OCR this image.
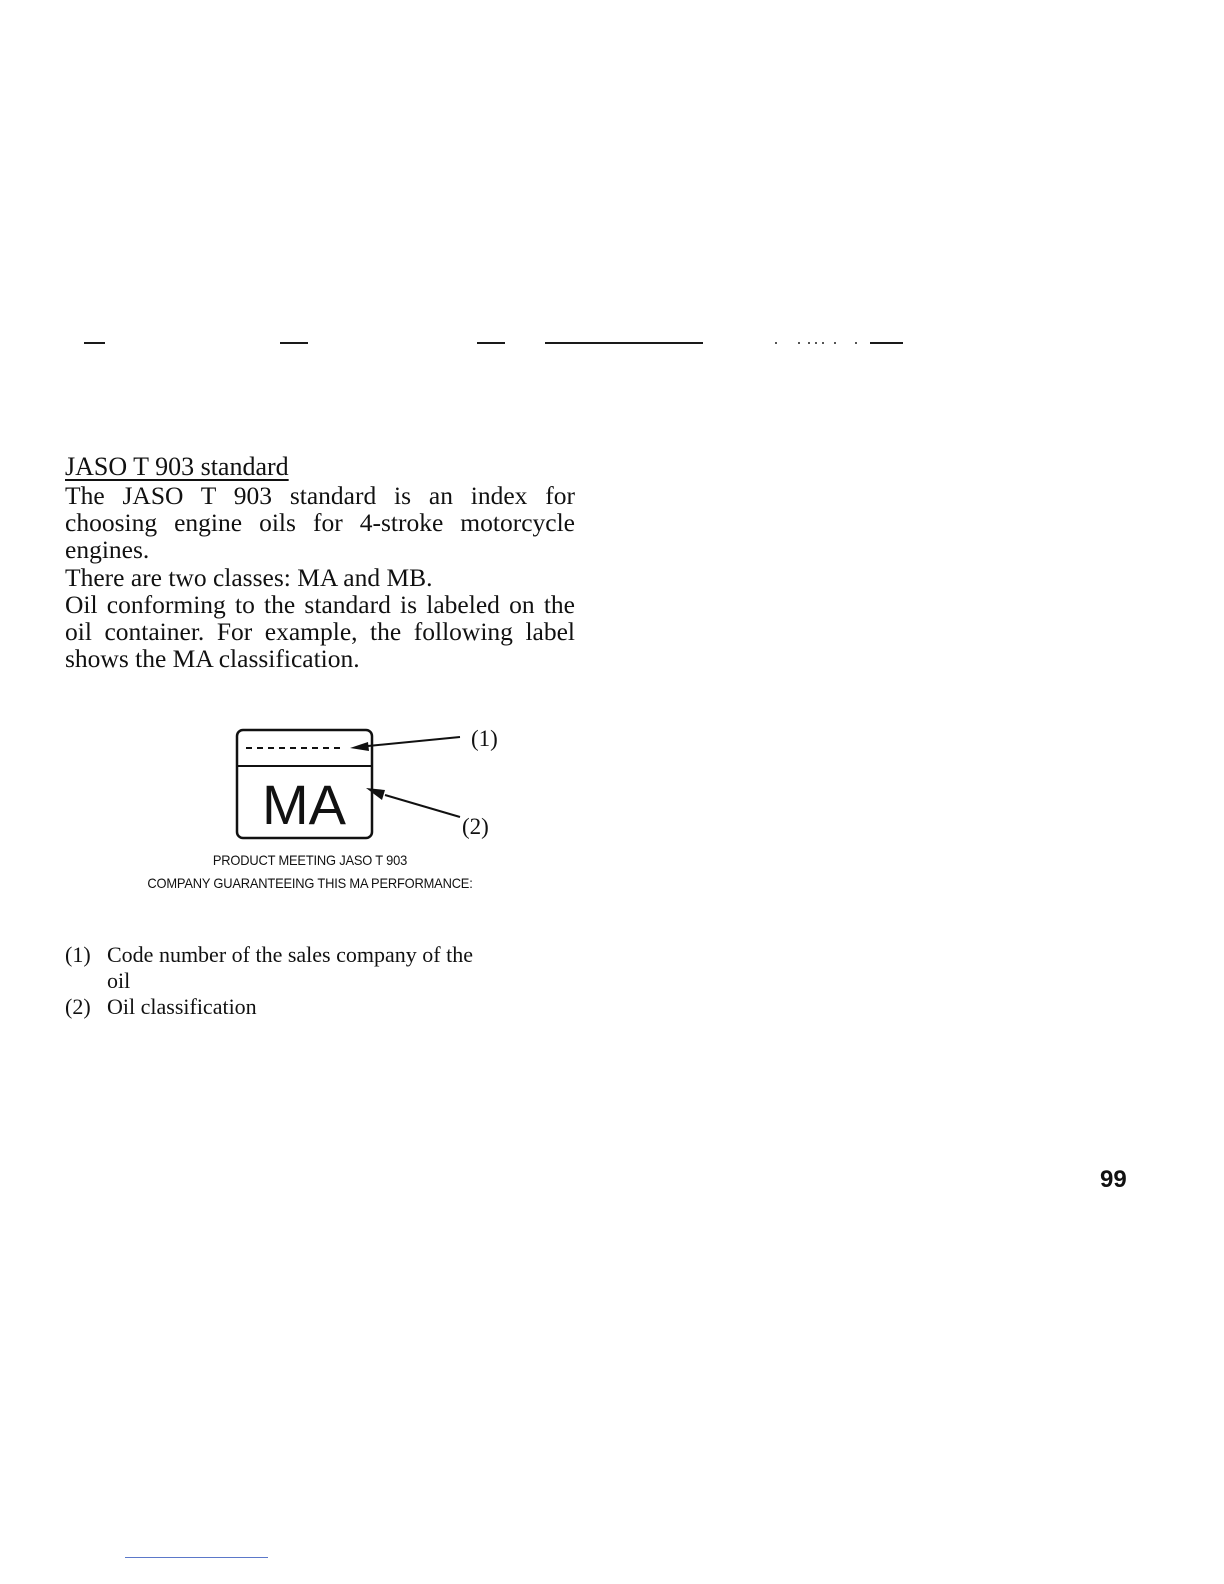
JASO T 903 standard

The JASO T 903 standard is an index for choosing engine oils for 4-stroke motorcycle engines.

There are two classes: MA and MB.

Oil conforming to the standard is labeled on the oil container. For example, the following label shows the MA classification.

MA
(1)
(2)
PRODUCT MEETING JASO T 903
COMPANY GUARANTEEING THIS MA PERFORMANCE:
(1) Code number of the sales company of the oil
(2) Oil classification
99
